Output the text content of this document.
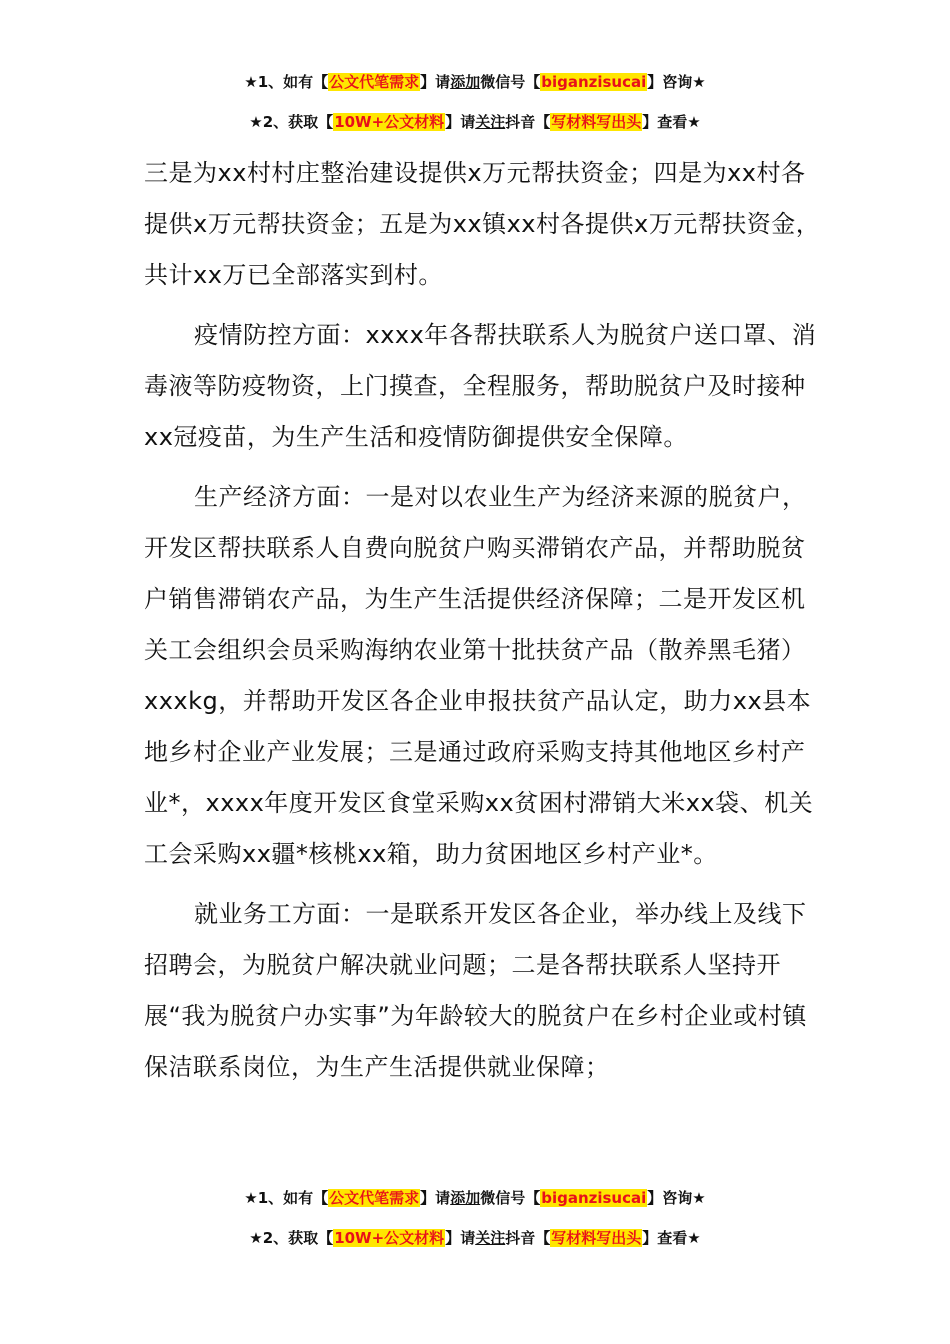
★1、如有【公文代笔需求】请添加微信号【biganzisucai】咨询★
★2、获取【10W+公文材料】请关注抖音【写材料写出头】查看★

三是为xx村村庄整治建设提供x万元帮扶资金；四是为xx村各提供x万元帮扶资金；五是为xx镇xx村各提供x万元帮扶资金，共计xx万已全部落实到村。

疫情防控方面：xxxx年各帮扶联系人为脱贫户送口罩、消毒液等防疫物资，上门摸查，全程服务，帮助脱贫户及时接种xx冠疫苗，为生产生活和疫情防御提供安全保障。

生产经济方面：一是对以农业生产为经济来源的脱贫户，开发区帮扶联系人自费向脱贫户购买滞销农产品，并帮助脱贫户销售滞销农产品，为生产生活提供经济保障；二是开发区机关工会组织会员采购海纳农业第十批扶贫产品（散养黑毛猪）xxxkg，并帮助开发区各企业申报扶贫产品认定，助力xx县本地乡村企业产业发展；三是通过政府采购支持其他地区乡村产业*，xxxx年度开发区食堂采购xx贫困村滞销大米xx袋、机关工会采购xx疆*核桃xx箱，助力贫困地区乡村产业*。

就业务工方面：一是联系开发区各企业，举办线上及线下招聘会，为脱贫户解决就业问题；二是各帮扶联系人坚持开展“我为脱贫户办实事”为年龄较大的脱贫户在乡村企业或村镇保洁联系岗位，为生产生活提供就业保障；

★1、如有【公文代笔需求】请添加微信号【biganzisucai】咨询★
★2、获取【10W+公文材料】请关注抖音【写材料写出头】查看★
